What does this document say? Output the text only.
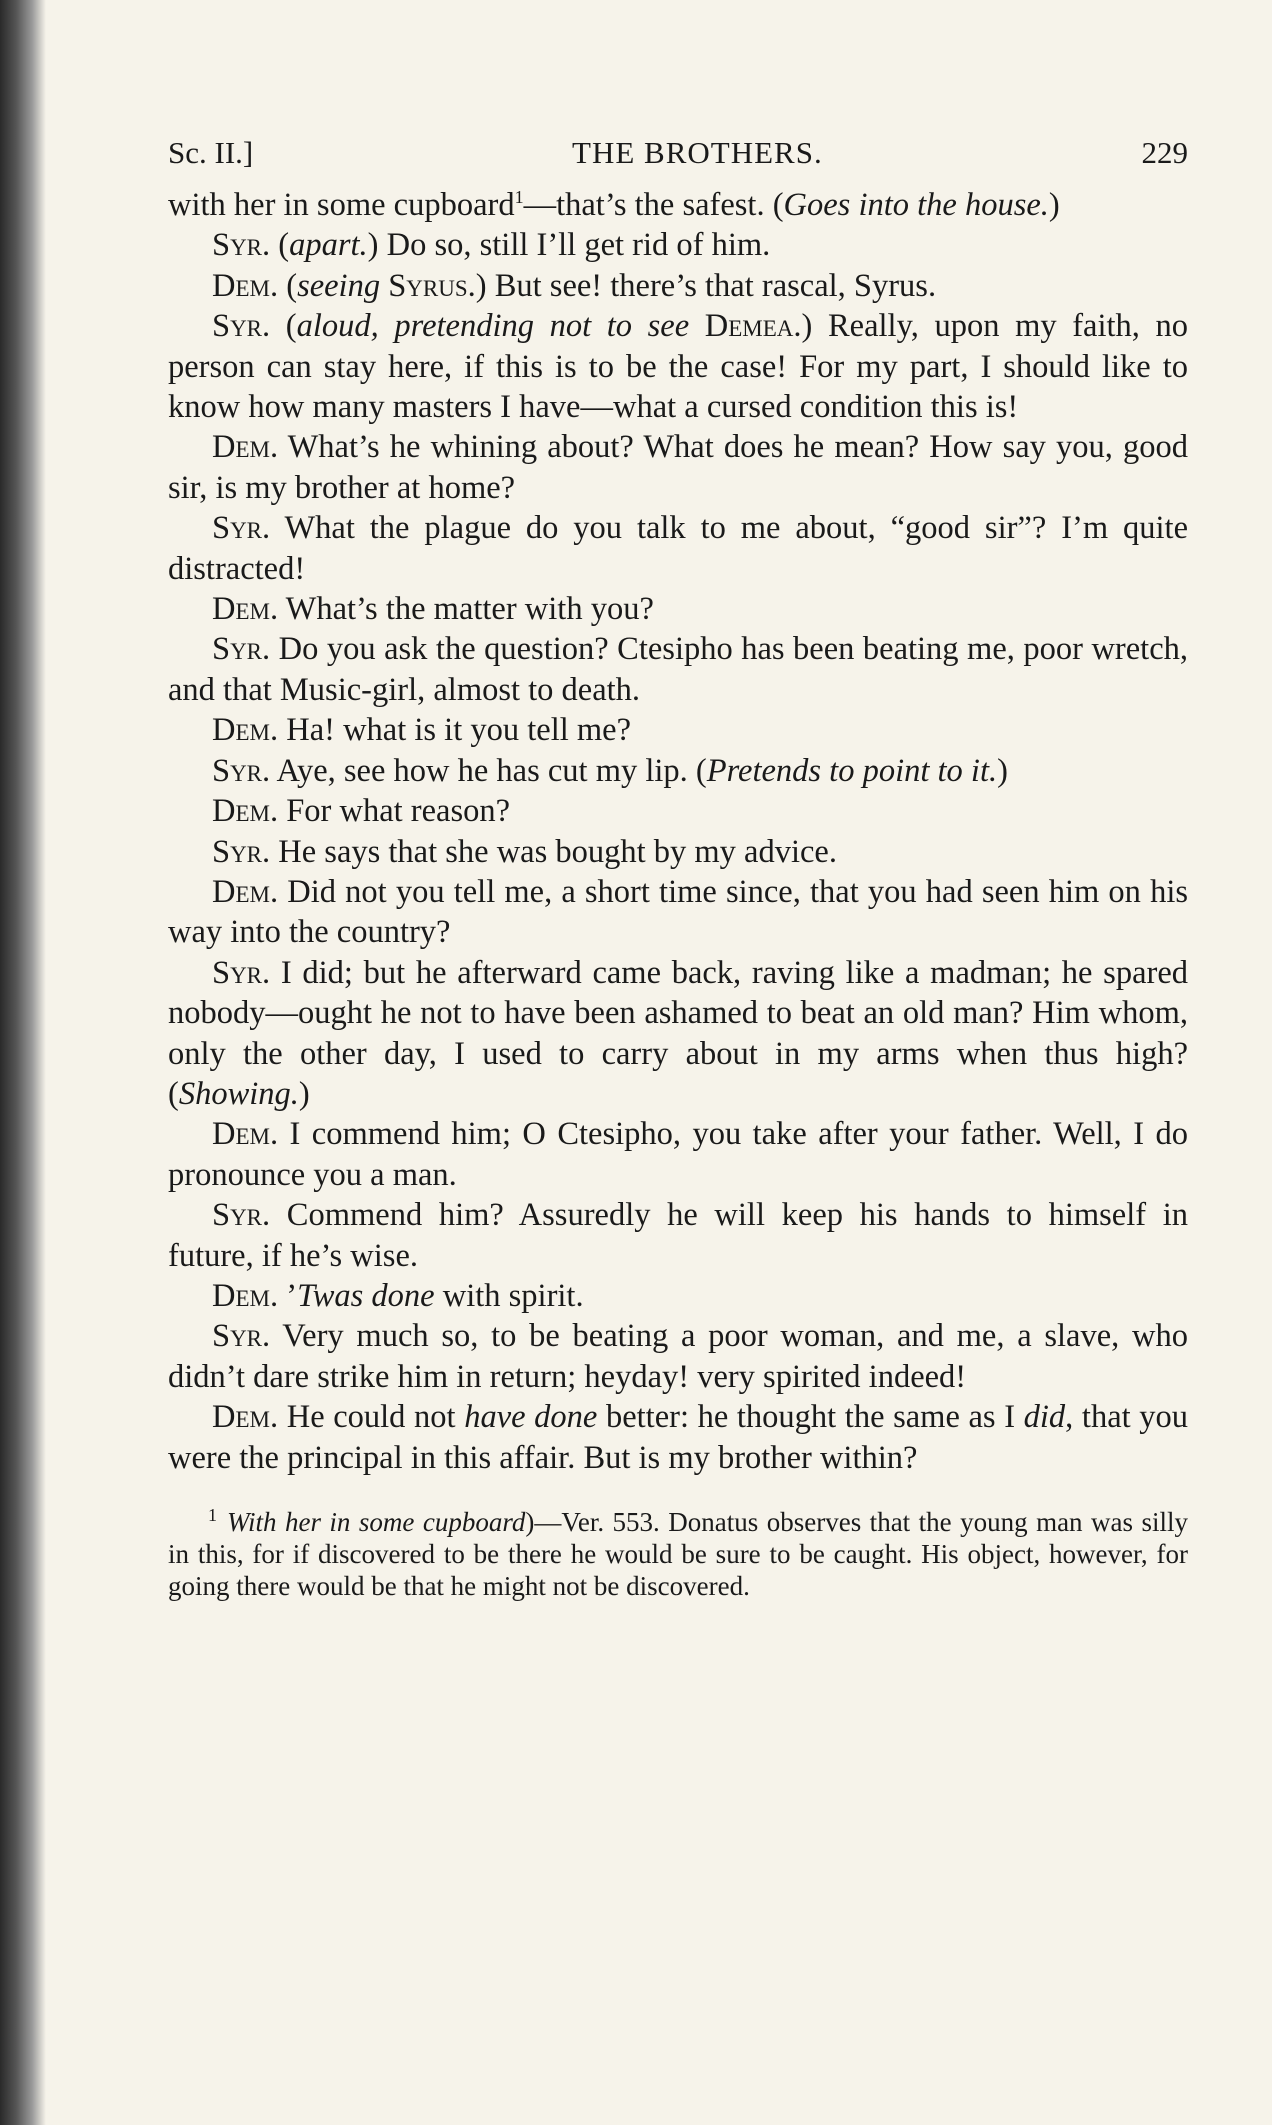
Sc. II.]	THE BROTHERS.	229

with her in some cupboard$^1$—that’s the safest. (Goes into the house.)

Syr. (apart.) Do so, still I’ll get rid of him.

Dem. (seeing Syrus.) But see! there’s that rascal, Syrus.

Syr. (aloud, pretending not to see Demea.) Really, upon my faith, no person can stay here, if this is to be the case! For my part, I should like to know how many masters I have—what a cursed condition this is!

Dem. What’s he whining about? What does he mean? How say you, good sir, is my brother at home?

Syr. What the plague do you talk to me about, “good sir”? I’m quite distracted!

Dem. What’s the matter with you?

Syr. Do you ask the question? Ctesipho has been beating me, poor wretch, and that Music-girl, almost to death.

Dem. Ha! what is it you tell me?

Syr. Aye, see how he has cut my lip. (Pretends to point to it.)

Dem. For what reason?

Syr. He says that she was bought by my advice.

Dem. Did not you tell me, a short time since, that you had seen him on his way into the country?

Syr. I did; but he afterward came back, raving like a madman; he spared nobody—ought he not to have been ashamed to beat an old man? Him whom, only the other day, I used to carry about in my arms when thus high? (Showing.)

Dem. I commend him; O Ctesipho, you take after your father. Well, I do pronounce you a man.

Syr. Commend him? Assuredly he will keep his hands to himself in future, if he’s wise.

Dem. ’Twas done with spirit.

Syr. Very much so, to be beating a poor woman, and me, a slave, who didn’t dare strike him in return; heyday! very spirited indeed!

Dem. He could not have done better: he thought the same as I did, that you were the principal in this affair. But is my brother within?

$^1$ With her in some cupboard)—Ver. 553. Donatus observes that the young man was silly in this, for if discovered to be there he would be sure to be caught. His object, however, for going there would be that he might not be discovered.
